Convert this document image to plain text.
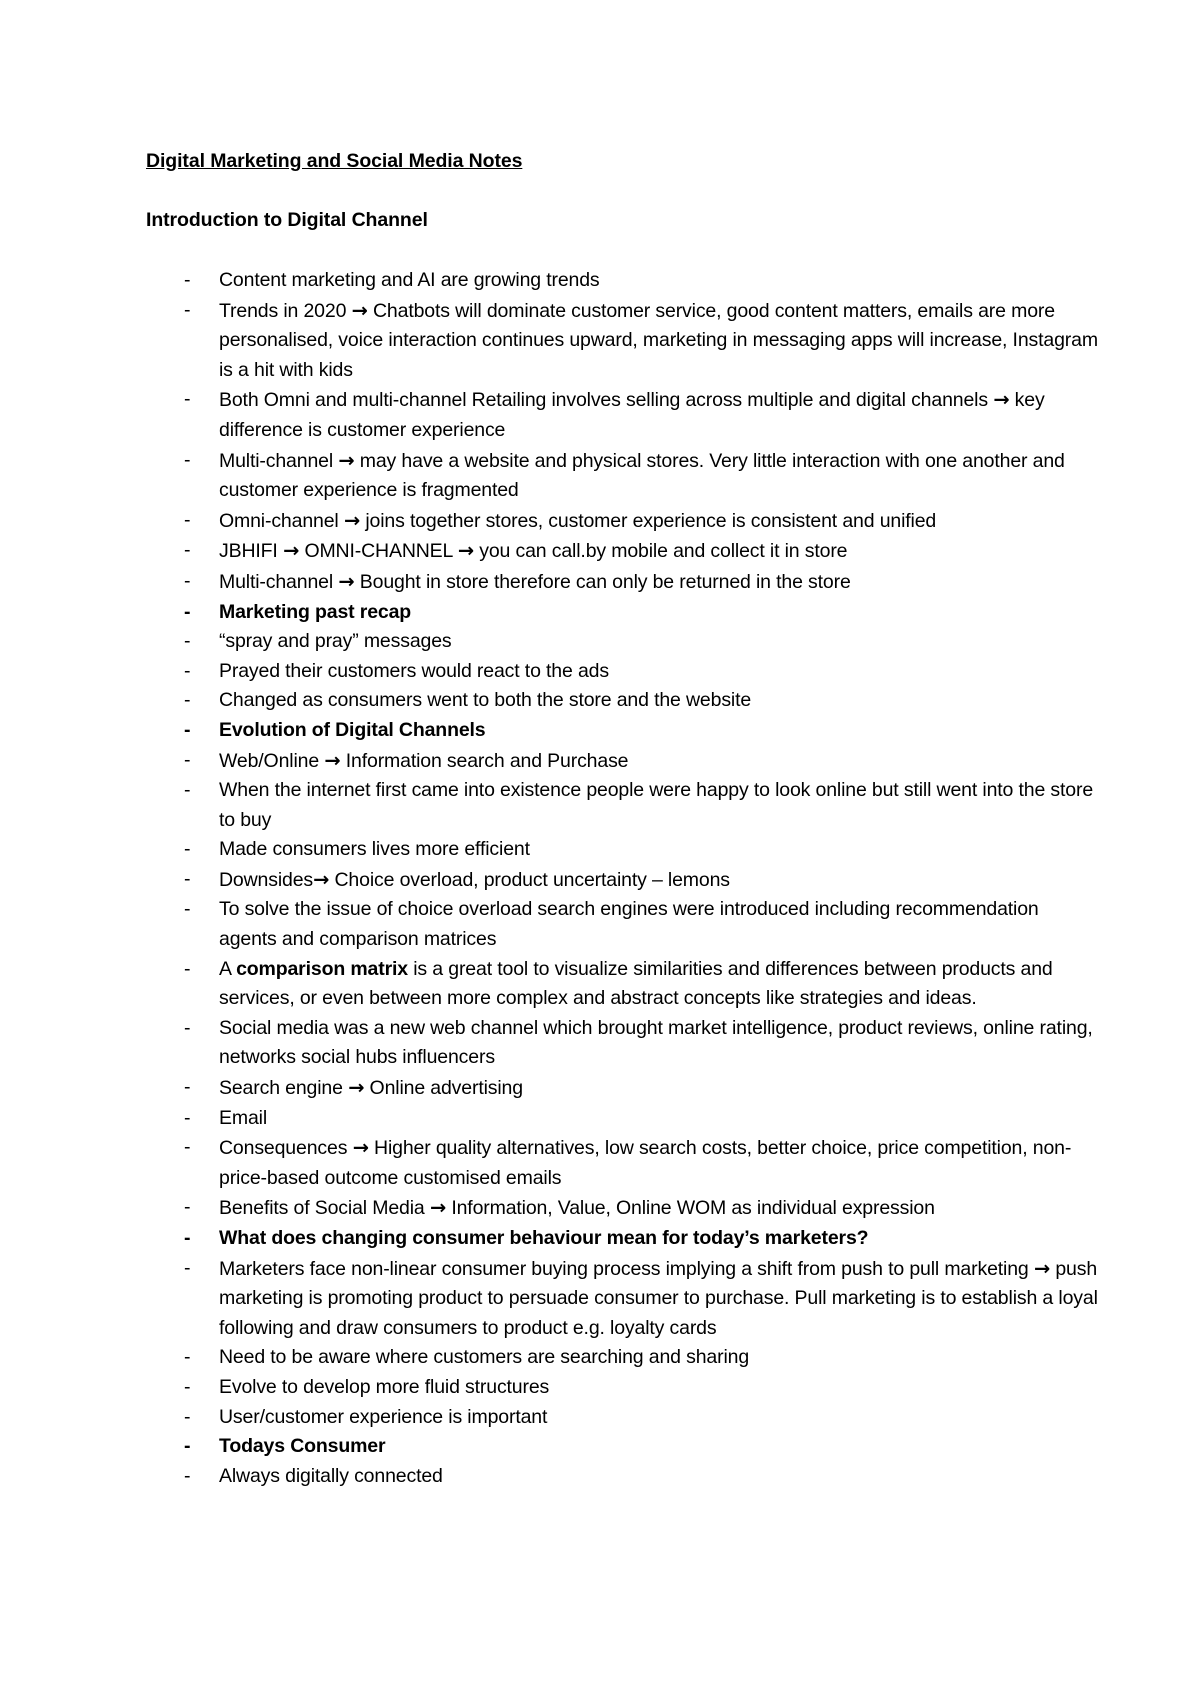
Digital Marketing and Social Media Notes
Introduction to Digital Channel
- Content marketing and AI are growing trends
- Trends in 2020 → Chatbots will dominate customer service, good content matters, emails are more personalised, voice interaction continues upward, marketing in messaging apps will increase, Instagram is a hit with kids
- Both Omni and multi-channel Retailing involves selling across multiple and digital channels → key difference is customer experience
- Multi-channel → may have a website and physical stores. Very little interaction with one another and customer experience is fragmented
- Omni-channel → joins together stores, customer experience is consistent and unified
- JBHIFI → OMNI-CHANNEL → you can call.by mobile and collect it in store
- Multi-channel → Bought in store therefore can only be returned in the store
- Marketing past recap
- “spray and pray” messages
- Prayed their customers would react to the ads
- Changed as consumers went to both the store and the website
- Evolution of Digital Channels
- Web/Online → Information search and Purchase
- When the internet first came into existence people were happy to look online but still went into the store to buy
- Made consumers lives more efficient
- Downsides→ Choice overload, product uncertainty – lemons
- To solve the issue of choice overload search engines were introduced including recommendation agents and comparison matrices
- A comparison matrix is a great tool to visualize similarities and differences between products and services, or even between more complex and abstract concepts like strategies and ideas.
- Social media was a new web channel which brought market intelligence, product reviews, online rating, networks social hubs influencers
- Search engine → Online advertising
- Email
- Consequences → Higher quality alternatives, low search costs, better choice, price competition, non-price-based outcome customised emails
- Benefits of Social Media → Information, Value, Online WOM as individual expression
- What does changing consumer behaviour mean for today’s marketers?
- Marketers face non-linear consumer buying process implying a shift from push to pull marketing → push marketing is promoting product to persuade consumer to purchase. Pull marketing is to establish a loyal following and draw consumers to product e.g. loyalty cards
- Need to be aware where customers are searching and sharing
- Evolve to develop more fluid structures
- User/customer experience is important
- Todays Consumer
- Always digitally connected
